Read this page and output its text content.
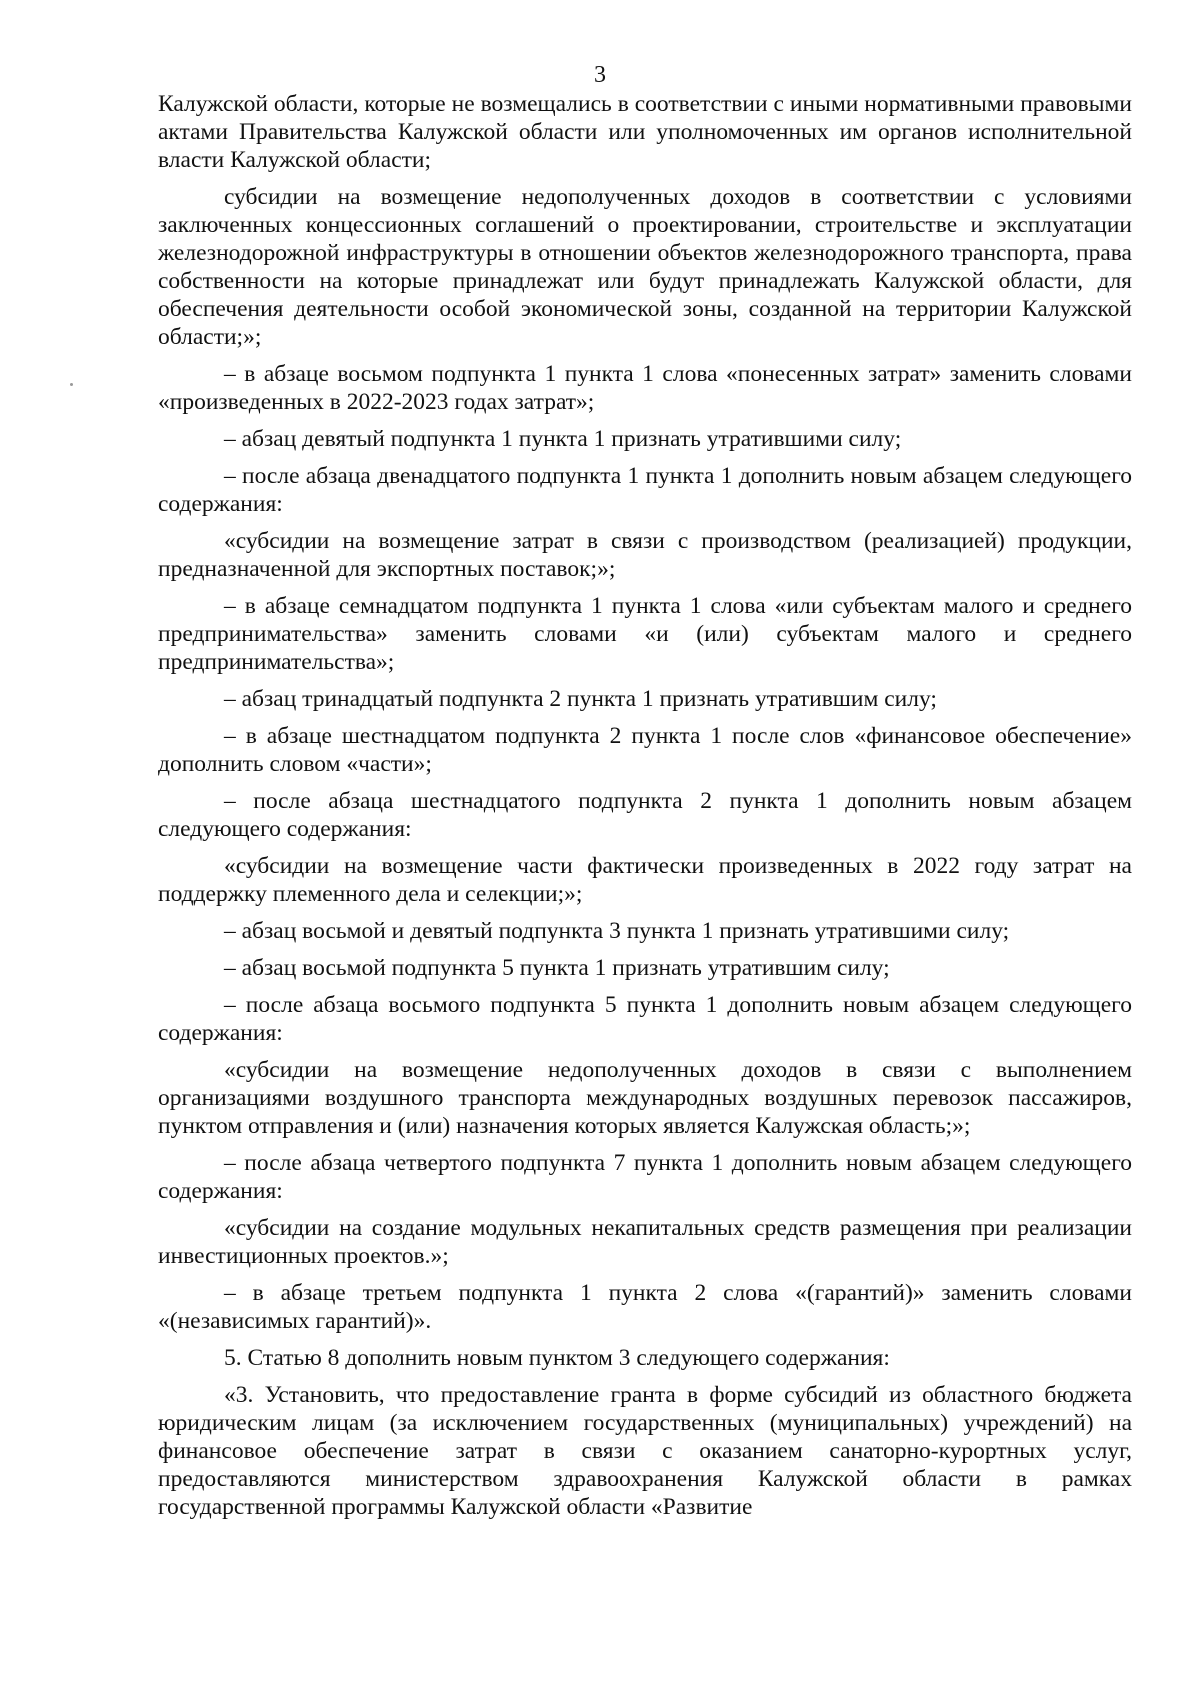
3

Калужской области, которые не возмещались в соответствии с иными нормативными правовыми актами Правительства Калужской области или уполномоченных им органов исполнительной власти Калужской области;

субсидии на возмещение недополученных доходов в соответствии с условиями заключенных концессионных соглашений о проектировании, строительстве и эксплуатации железнодорожной инфраструктуры в отношении объектов железнодорожного транспорта, права собственности на которые принадлежат или будут принадлежать Калужской области, для обеспечения деятельности особой экономической зоны, созданной на территории Калужской области;»;

– в абзаце восьмом подпункта 1 пункта 1 слова «понесенных затрат» заменить словами «произведенных в 2022-2023 годах затрат»;

– абзац девятый подпункта 1 пункта 1 признать утратившими силу;

– после абзаца двенадцатого подпункта 1 пункта 1 дополнить новым абзацем следующего содержания:

«субсидии на возмещение затрат в связи с производством (реализацией) продукции, предназначенной для экспортных поставок;»;

– в абзаце семнадцатом подпункта 1 пункта 1 слова «или субъектам малого и среднего предпринимательства» заменить словами «и (или) субъектам малого и среднего предпринимательства»;

– абзац тринадцатый подпункта 2 пункта 1 признать утратившим силу;

– в абзаце шестнадцатом подпункта 2 пункта 1 после слов «финансовое обеспечение» дополнить словом «части»;

– после абзаца шестнадцатого подпункта 2 пункта 1 дополнить новым абзацем следующего содержания:

«субсидии на возмещение части фактически произведенных в 2022 году затрат на поддержку племенного дела и селекции;»;

– абзац восьмой и девятый подпункта 3 пункта 1 признать утратившими силу;

– абзац восьмой подпункта 5 пункта 1 признать утратившим силу;

– после абзаца восьмого подпункта 5 пункта 1 дополнить новым абзацем следующего содержания:

«субсидии на возмещение недополученных доходов в связи с выполнением организациями воздушного транспорта международных воздушных перевозок пассажиров, пунктом отправления и (или) назначения которых является Калужская область;»;

– после абзаца четвертого подпункта 7 пункта 1 дополнить новым абзацем следующего содержания:

«субсидии на создание модульных некапитальных средств размещения при реализации инвестиционных проектов.»;

– в абзаце третьем подпункта 1 пункта 2 слова «(гарантий)» заменить словами «(независимых гарантий)».

5. Статью 8 дополнить новым пунктом 3 следующего содержания:

«3. Установить, что предоставление гранта в форме субсидий из областного бюджета юридическим лицам (за исключением государственных (муниципальных) учреждений) на финансовое обеспечение затрат в связи с оказанием санаторно-курортных услуг, предоставляются министерством здравоохранения Калужской области в рамках государственной программы Калужской области «Развитие
